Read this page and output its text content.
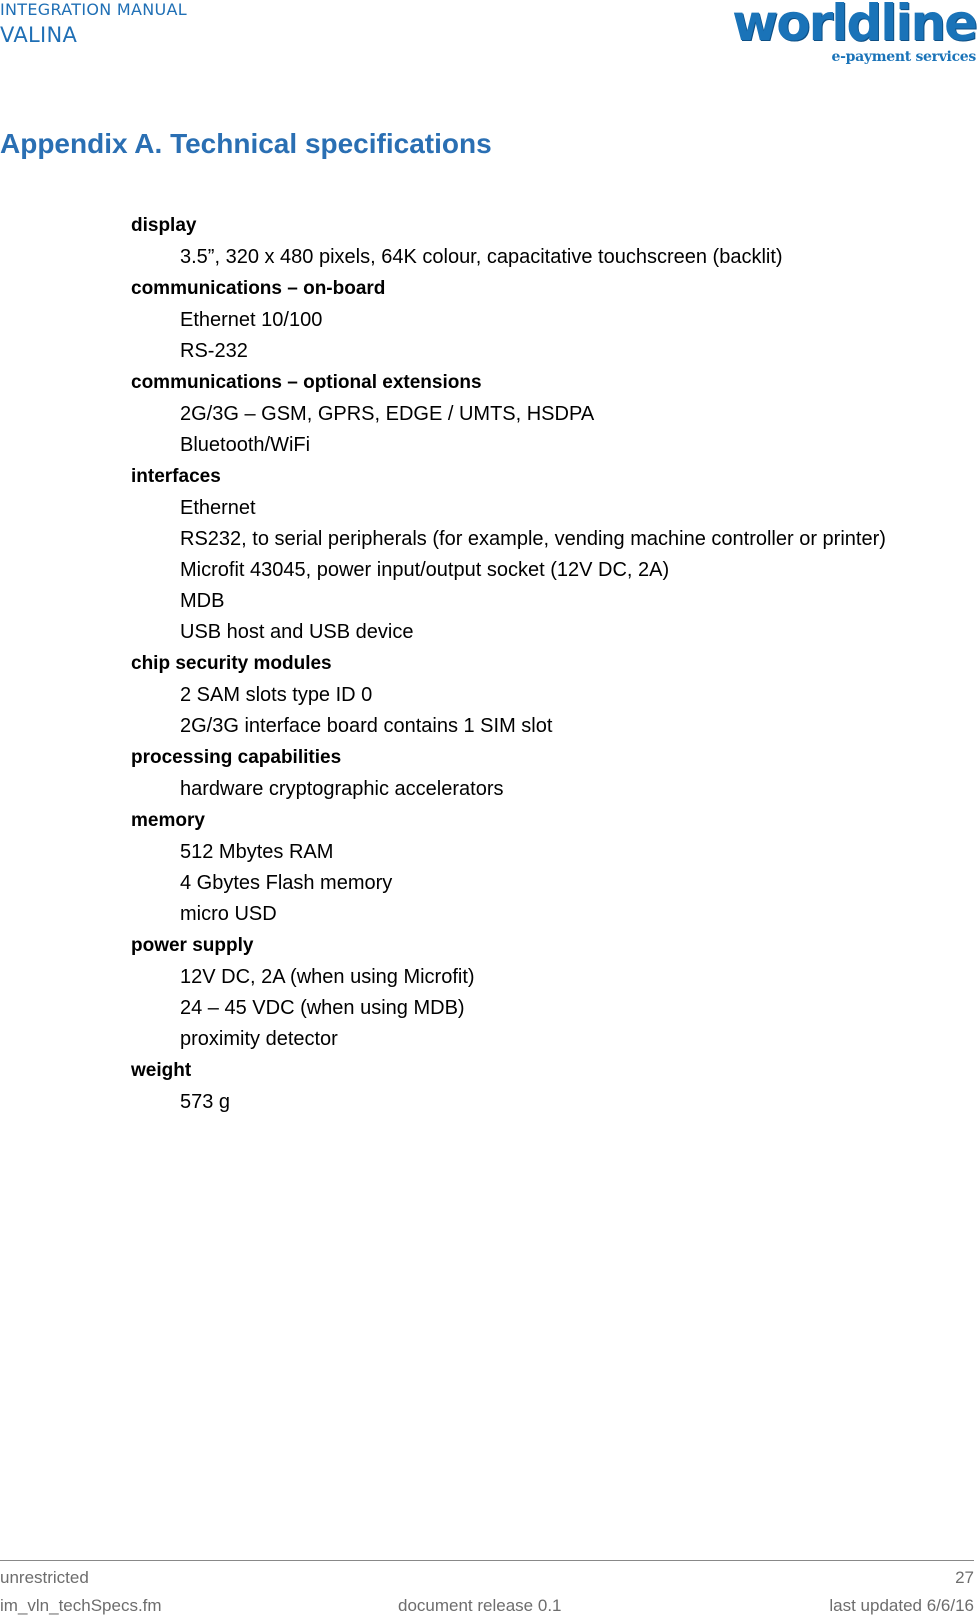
INTEGRATION MANUAL
VALINA	worldline
e-payment services
Appendix A. Technical specifications
display
3.5”, 320 x 480 pixels, 64K colour, capacitative touchscreen (backlit)
communications – on-board
Ethernet 10/100
RS-232
communications – optional extensions
2G/3G – GSM, GPRS, EDGE / UMTS, HSDPA
Bluetooth/WiFi
interfaces
Ethernet
RS232, to serial peripherals (for example, vending machine controller or printer)
Microfit 43045, power input/output socket (12V DC, 2A)
MDB
USB host and USB device
chip security modules
2 SAM slots type ID 0
2G/3G interface board contains 1 SIM slot
processing capabilities
hardware cryptographic accelerators
memory
512 Mbytes RAM
4 Gbytes Flash memory
micro USD
power supply
12V DC, 2A (when using Microfit)
24 – 45 VDC (when using MDB)
proximity detector
weight
573 g
unrestricted	27
im_vln_techSpecs.fm	document release 0.1	last updated 6/6/16
